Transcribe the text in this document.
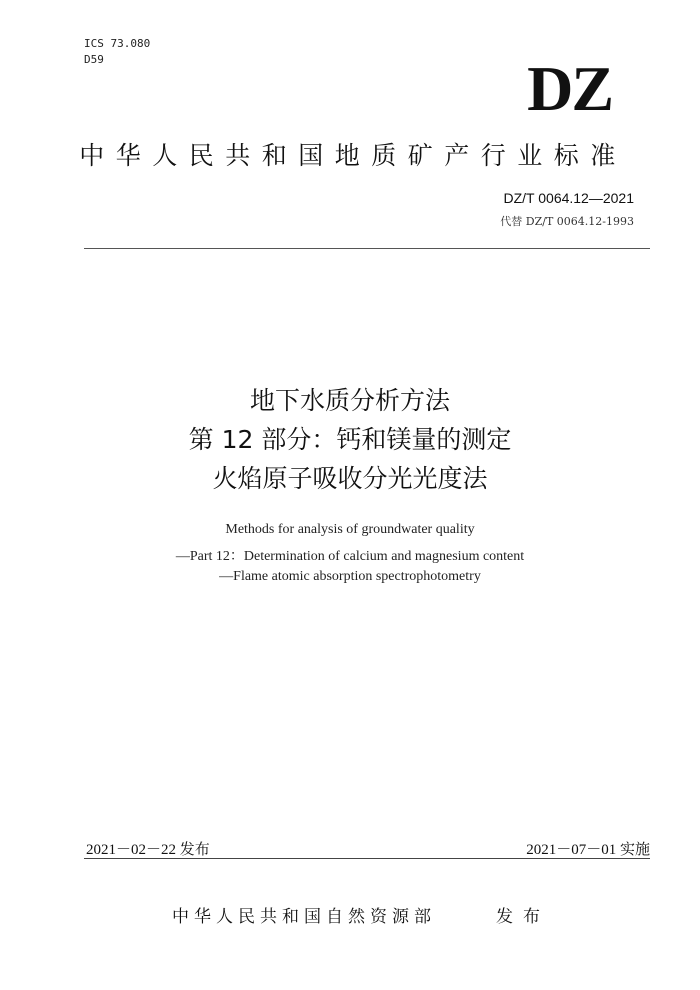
ICS 73.080
D59	DZ
中华人民共和国地质矿产行业标准
DZ/T 0064.12—2021
代替 DZ/T 0064.12-1993
地下水质分析方法
第 12 部分：钙和镁量的测定
火焰原子吸收分光光度法
Methods for analysis of groundwater quality
—Part 12：Determination of calcium and magnesium content
—Flame atomic absorption spectrophotometry
2021－02－22 发布	2021－07－01 实施
中华人民共和国自然资源部	发布
